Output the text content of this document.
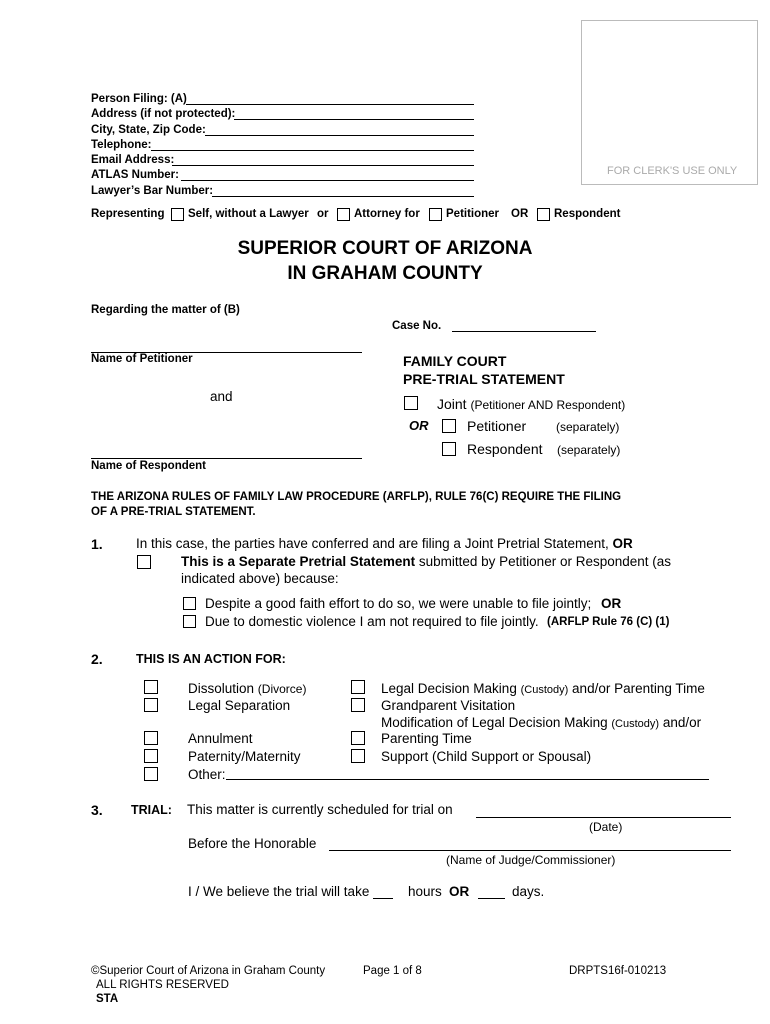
FOR CLERK'S USE ONLY
Person Filing: (A)
Address (if not protected):
City, State, Zip Code:
Telephone:
Email Address:
ATLAS Number:
Lawyer’s Bar Number:
Representing Self, without a Lawyer or Attorney for Petitioner OR Respondent
SUPERIOR COURT OF ARIZONA
IN GRAHAM COUNTY
Regarding the matter of (B)
Case No.
Name of Petitioner
and
Name of Respondent
FAMILY COURT
PRE-TRIAL STATEMENT
Joint (Petitioner AND Respondent)
OR	Petitioner (separately)
Respondent (separately)
THE ARIZONA RULES OF FAMILY LAW PROCEDURE (ARFLP), RULE 76(C) REQUIRE THE FILING
OF A PRE-TRIAL STATEMENT.
1. In this case, the parties have conferred and are filing a Joint Pretrial Statement, OR
This is a Separate Pretrial Statement submitted by Petitioner or Respondent (as
indicated above) because:
Despite a good faith effort to do so, we were unable to file jointly; OR
Due to domestic violence I am not required to file jointly. (ARFLP Rule 76 (C) (1)
2.	THIS IS AN ACTION FOR:
Dissolution (Divorce)
Legal Separation
Annulment
Paternity/Maternity
Other:
Legal Decision Making (Custody) and/or Parenting Time
Grandparent Visitation
Modification of Legal Decision Making (Custody) and/or
Parenting Time
Support (Child Support or Spousal)
3. TRIAL: This matter is currently scheduled for trial on
(Date)
Before the Honorable
(Name of Judge/Commissioner)
I / We believe the trial will take	hours OR	days.
©Superior Court of Arizona in Graham County
ALL RIGHTS RESERVED
STA
Page 1 of 8	DRPTS16f-010213
